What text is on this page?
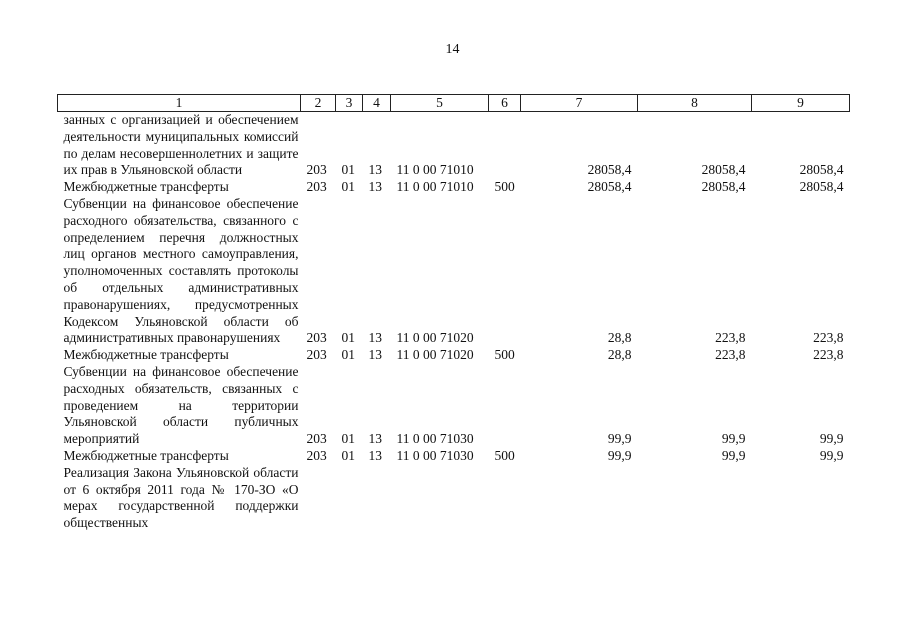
14
1	2	3	4	5	6	7	8	9
занных с организацией и обеспечением деятельности муниципальных комиссий по делам несовершеннолетних и защите их прав в Ульяновской области	203	01	13	11 0 00 71010		28058,4	28058,4	28058,4
Межбюджетные трансферты	203	01	13	11 0 00 71010	500	28058,4	28058,4	28058,4
Субвенции на финансовое обеспечение расходного обязательства, связанного с определением перечня должностных лиц органов местного самоуправления, уполномоченных составлять протоколы об отдельных административных правонарушениях, предусмотренных Кодексом Ульяновской области об административных правонарушениях	203	01	13	11 0 00 71020		28,8	223,8	223,8
Межбюджетные трансферты	203	01	13	11 0 00 71020	500	28,8	223,8	223,8
Субвенции на финансовое обеспечение расходных обязательств, связанных с проведением на территории Ульяновской области публичных мероприятий	203	01	13	11 0 00 71030		99,9	99,9	99,9
Межбюджетные трансферты	203	01	13	11 0 00 71030	500	99,9	99,9	99,9
Реализация Закона Ульяновской области от 6 октября 2011 года № 170-ЗО «О мерах государственной поддержки общественных								
